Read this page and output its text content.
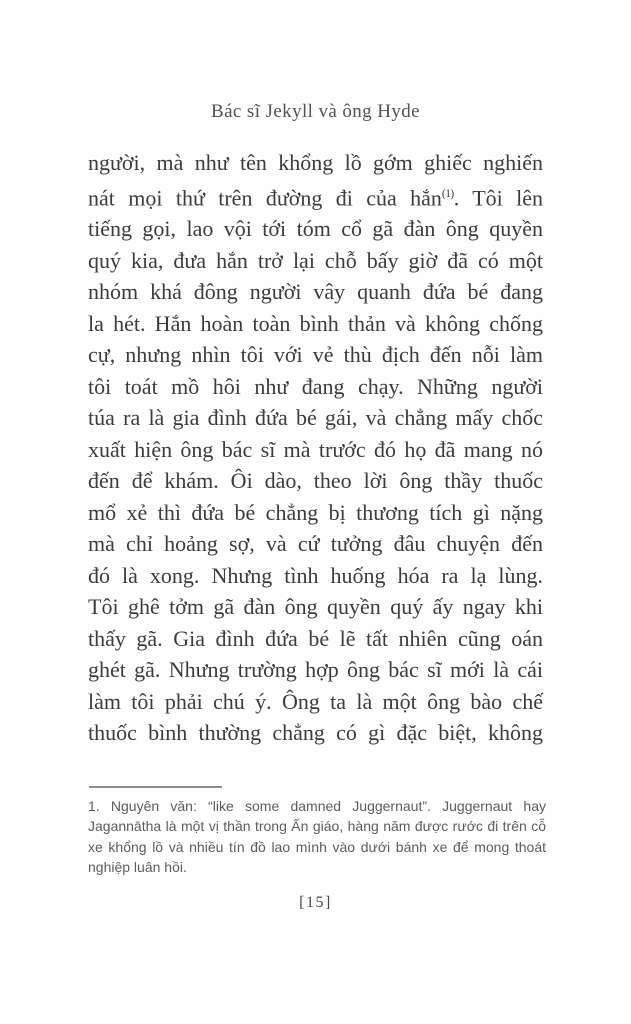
Bác sĩ Jekyll và ông Hyde
người, mà như tên khổng lồ gớm ghiếc nghiến
nát mọi thứ trên đường đi của hắn$^{(1)}$. Tôi lên
tiếng gọi, lao vội tới tóm cổ gã đàn ông quyền
quý kia, đưa hắn trở lại chỗ bấy giờ đã có một
nhóm khá đông người vây quanh đứa bé đang
la hét. Hắn hoàn toàn bình thản và không chống
cự, nhưng nhìn tôi với vẻ thù địch đến nỗi làm
tôi toát mồ hôi như đang chạy. Những người
túa ra là gia đình đứa bé gái, và chẳng mấy chốc
xuất hiện ông bác sĩ mà trước đó họ đã mang nó
đến để khám. Ôi dào, theo lời ông thầy thuốc
mổ xẻ thì đứa bé chẳng bị thương tích gì nặng
mà chỉ hoảng sợ, và cứ tưởng đâu chuyện đến
đó là xong. Nhưng tình huống hóa ra lạ lùng.
Tôi ghê tởm gã đàn ông quyền quý ấy ngay khi
thấy gã. Gia đình đứa bé lẽ tất nhiên cũng oán
ghét gã. Nhưng trường hợp ông bác sĩ mới là cái
làm tôi phải chú ý. Ông ta là một ông bào chế
thuốc bình thường chẳng có gì đặc biệt, không
1. Nguyên văn: “like some damned Juggernaut”. Juggernaut hay
Jagannātha là một vị thần trong Ấn giáo, hàng năm được rước đi trên cỗ
xe khổng lồ và nhiều tín đồ lao mình vào dưới bánh xe để mong thoát
nghiệp luân hồi.
[15]
